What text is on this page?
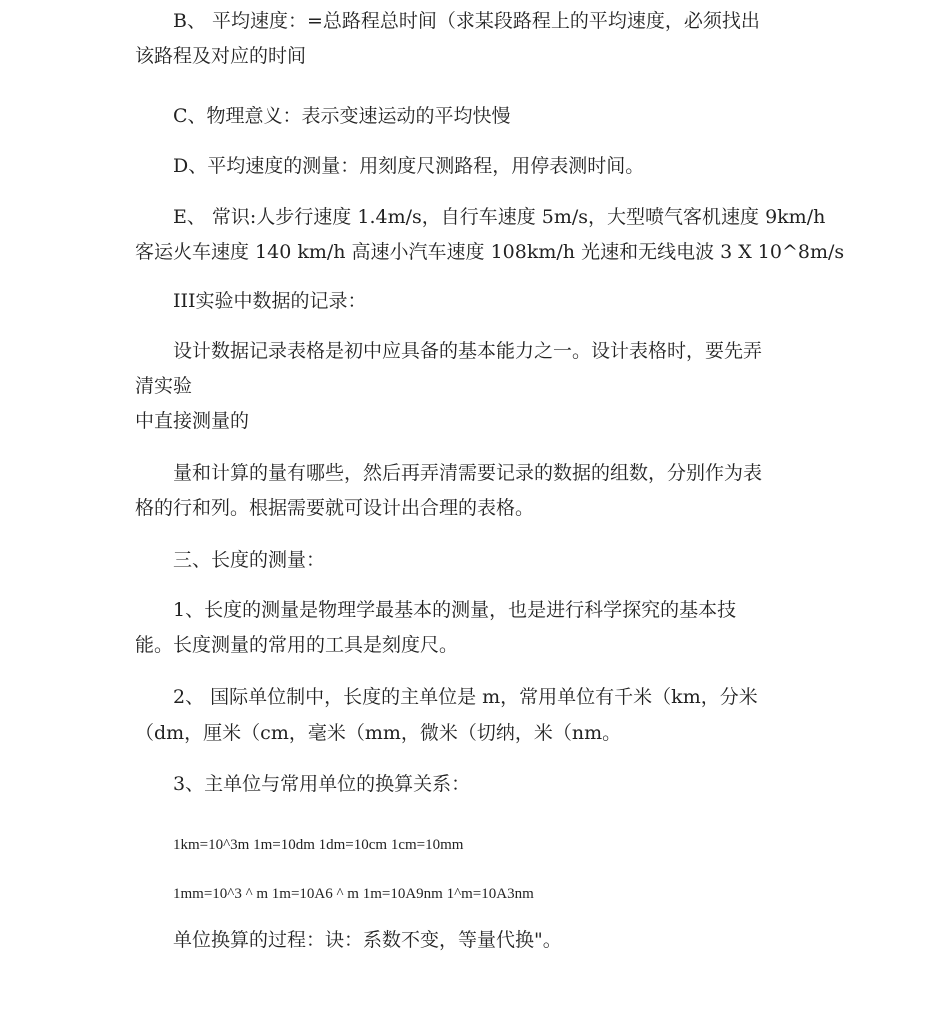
B、 平均速度：=总路程总时间（求某段路程上的平均速度，必须找出
该路程及对应的时间
C、物理意义：表示变速运动的平均快慢
D、平均速度的测量：用刻度尺测路程，用停表测时间。
E、 常识:人步行速度 1.4m/s，自行车速度 5m/s，大型喷气客机速度 9km/h
客运火车速度 140 km/h 高速小汽车速度 108km/h 光速和无线电波 3 X 10^8m/s
III实验中数据的记录：
设计数据记录表格是初中应具备的基本能力之一。设计表格时，要先弄
清实验
中直接测量的
量和计算的量有哪些，然后再弄清需要记录的数据的组数，分别作为表
格的行和列。根据需要就可设计出合理的表格。
三、长度的测量：
1、长度的测量是物理学最基本的测量，也是进行科学探究的基本技
能。长度测量的常用的工具是刻度尺。
2、 国际单位制中，长度的主单位是 m，常用单位有千米（km，分米
（dm，厘米（cm，毫米（mm，微米（切纳，米（nm。
3、主单位与常用单位的换算关系：
1km=10^3m 1m=10dm 1dm=10cm 1cm=10mm
1mm=10^3 ^ m 1m=10A6 ^ m 1m=10A9nm 1^m=10A3nm
单位换算的过程：诀：系数不变，等量代换"。
